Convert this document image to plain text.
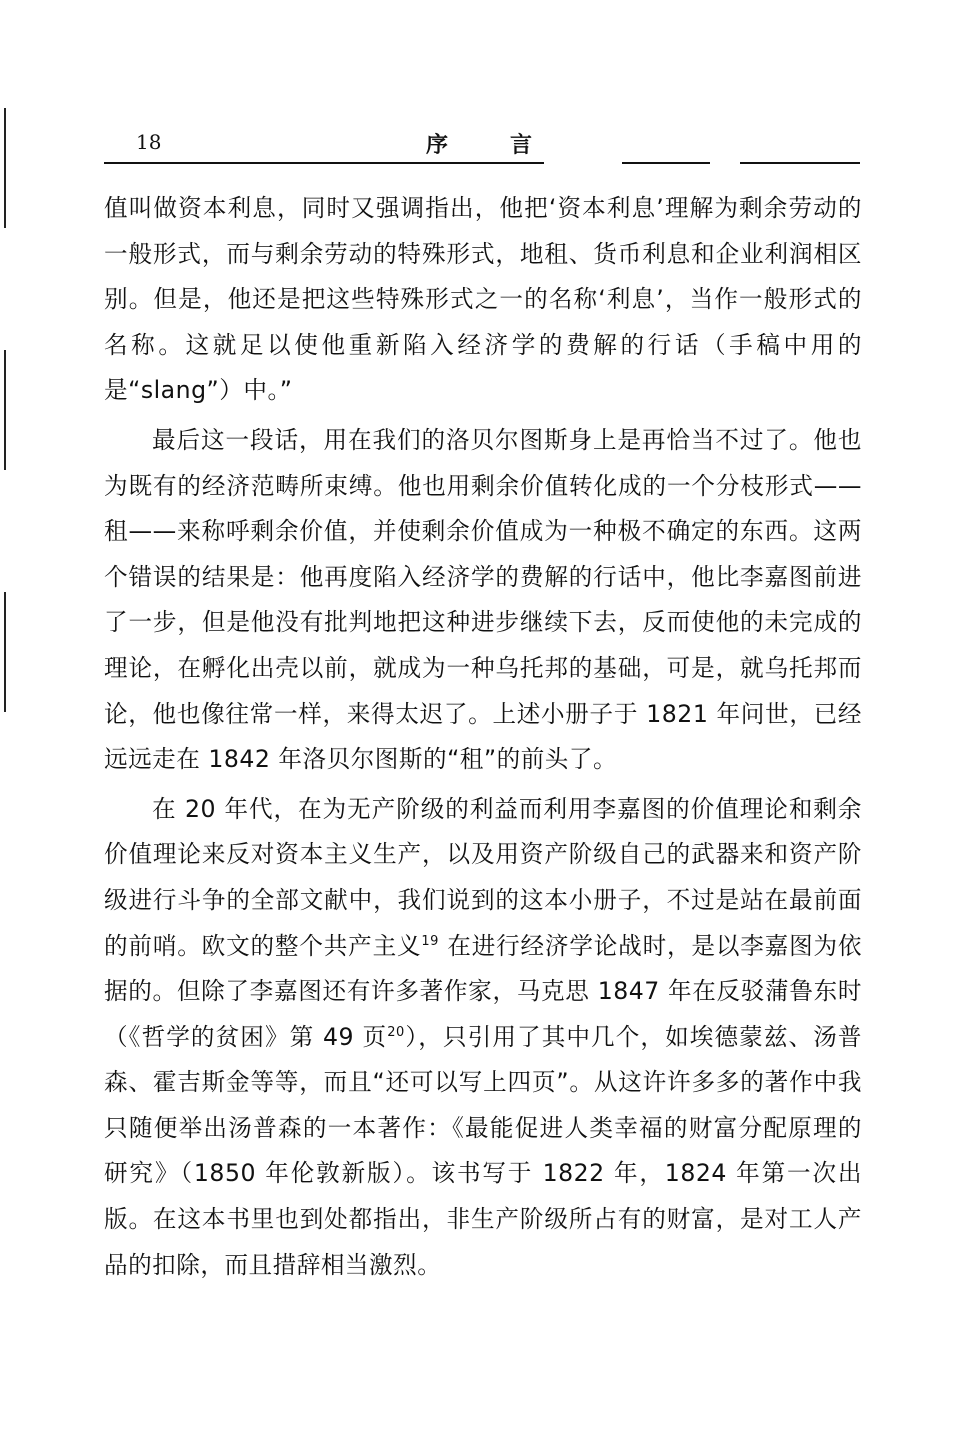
18	序言

值叫做资本利息，同时又强调指出，他把‘资本利息’理解为剩余劳动的一般形式，而与剩余劳动的特殊形式，地租、货币利息和企业利润相区别。但是，他还是把这些特殊形式之一的名称‘利息’，当作一般形式的名称。这就足以使他重新陷入经济学的费解的行话（手稿中用的是“slang”）中。”

最后这一段话，用在我们的洛贝尔图斯身上是再恰当不过了。他也为既有的经济范畴所束缚。他也用剩余价值转化成的一个分枝形式——租——来称呼剩余价值，并使剩余价值成为一种极不确定的东西。这两个错误的结果是：他再度陷入经济学的费解的行话中，他比李嘉图前进了一步，但是他没有批判地把这种进步继续下去，反而使他的未完成的理论，在孵化出壳以前，就成为一种乌托邦的基础，可是，就乌托邦而论，他也像往常一样，来得太迟了。上述小册子于 1821 年问世，已经远远走在 1842 年洛贝尔图斯的“租”的前头了。

在 20 年代，在为无产阶级的利益而利用李嘉图的价值理论和剩余价值理论来反对资本主义生产，以及用资产阶级自己的武器来和资产阶级进行斗争的全部文献中，我们说到的这本小册子，不过是站在最前面的前哨。欧文的整个共产主义$^{19}$ 在进行经济学论战时，是以李嘉图为依据的。但除了李嘉图还有许多著作家，马克思 1847 年在反驳蒲鲁东时（《哲学的贫困》第 49 页$^{20}$），只引用了其中几个，如埃德蒙兹、汤普森、霍吉斯金等等，而且“还可以写上四页”。从这许许多多的著作中我只随便举出汤普森的一本著作：《最能促进人类幸福的财富分配原理的研究》（1850 年伦敦新版）。该书写于 1822 年，1824 年第一次出版。在这本书里也到处都指出，非生产阶级所占有的财富，是对工人产品的扣除，而且措辞相当激烈。
